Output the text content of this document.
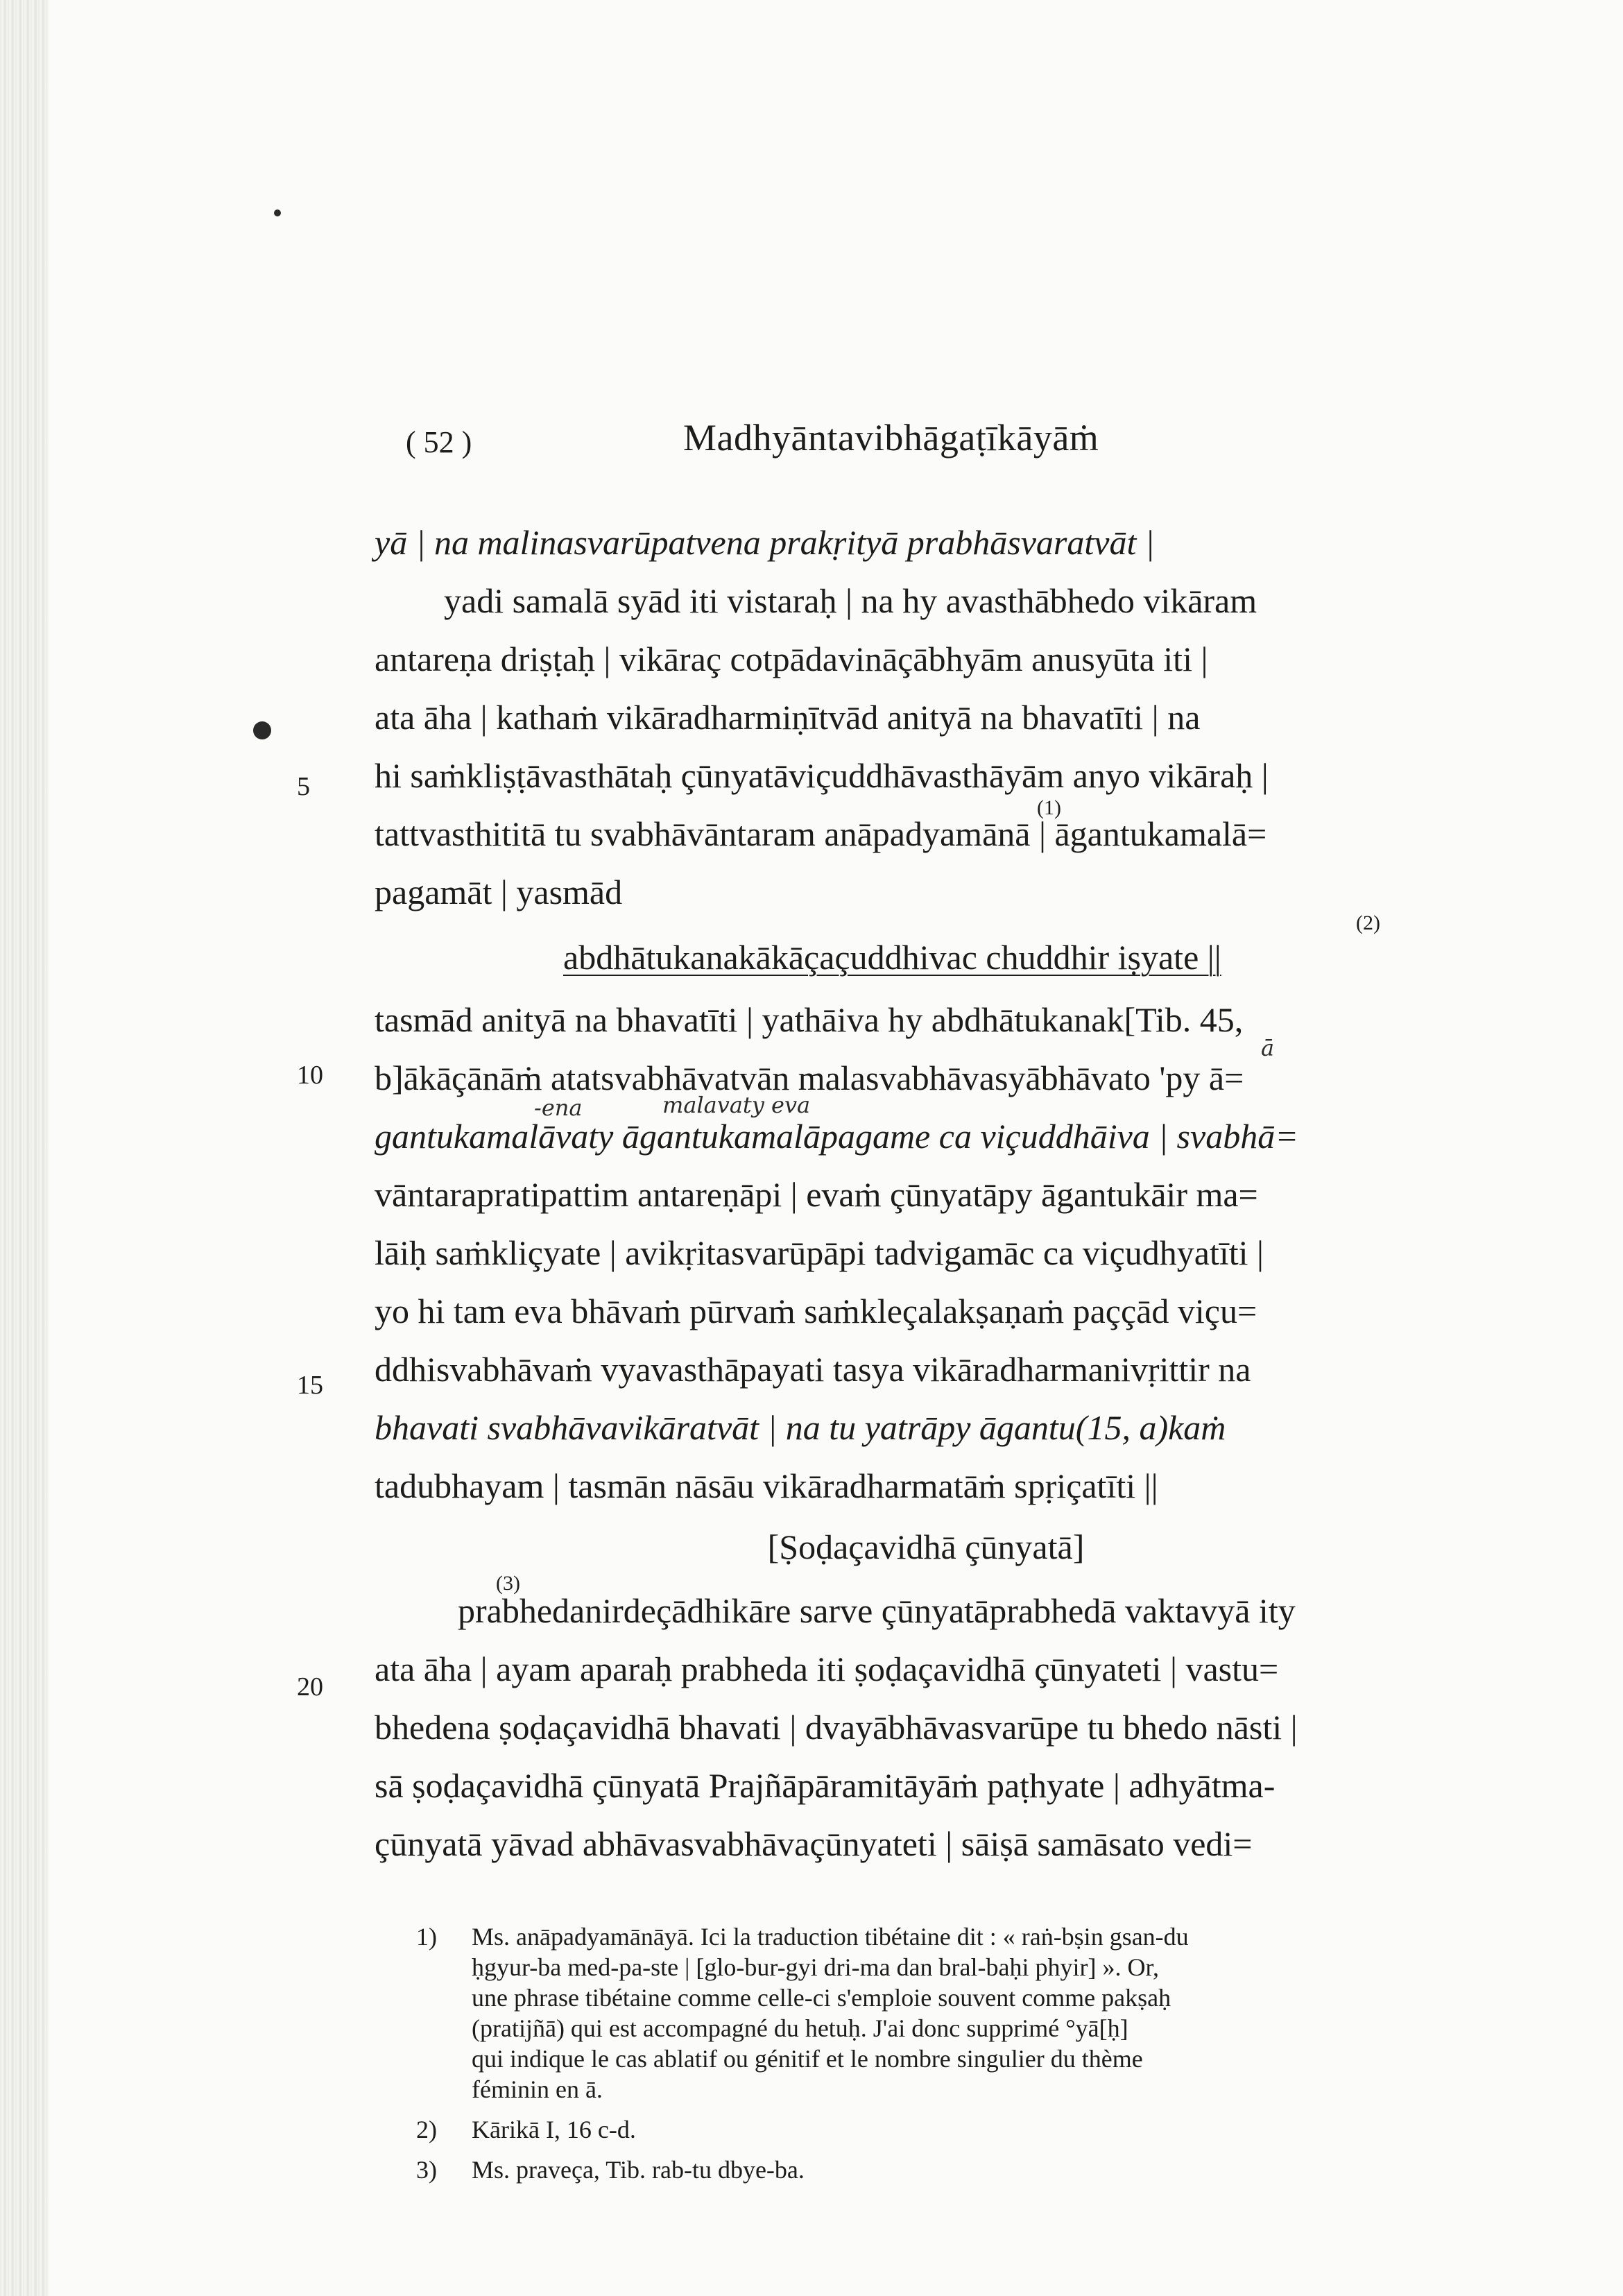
( 52 )	Madhyāntavibhāgaṭīkāyāṁ
5
10
15
20
yā | na malinasvarūpatvena prakṛityā prabhāsvaratvāt |
yadi samalā syād iti vistaraḥ | na hy avasthābhedo vikāram
antareṇa driṣṭaḥ | vikāraç cotpādavināçābhyām anusyūta iti |
ata āha | kathaṁ vikāradharmiṇītvād anityā na bhavatīti | na
hi saṁkliṣṭāvasthātaḥ çūnyatāviçuddhāvasthāyām anyo vikāraḥ |
tattvasthititā tu svabhāvāntaram anāpadyamānā | āgantukamalā=
pagamāt | yasmād
abdhātukanakākāçaçuddhivac chuddhir iṣyate ||
tasmād anityā na bhavatīti | yathāiva hy abdhātukanak[Tib. 45,
b]ākāçānāṁ atatsvabhāvatvān malasvabhāvasyābhāvato 'py ā=
gantukamalāvaty āgantukamalāpagame ca viçuddhāiva | svabhā=
vāntarapratipattim antareṇāpi | evaṁ çūnyatāpy āgantukāir ma=
lāiḥ saṁkliçyate | avikṛitasvarūpāpi tadvigamāc ca viçudhyatīti |
yo hi tam eva bhāvaṁ pūrvaṁ saṁkleçalakṣaṇaṁ paççād viçu=
ddhisvabhāvaṁ vyavasthāpayati tasya vikāradharmanivṛittir na
bhavati svabhāvavikāratvāt | na tu yatrāpy āgantu(15, a)kaṁ
tadubhayam | tasmān nāsāu vikāradharmatāṁ spṛiçatīti ||
[Ṣoḍaçavidhā çūnyatā]
prabhedanirdeçādhikāre sarve çūnyatāprabhedā vaktavyā ity
ata āha | ayam aparaḥ prabheda iti ṣoḍaçavidhā çūnyateti | vastu=
bhedena ṣoḍaçavidhā bhavati | dvayābhāvasvarūpe tu bhedo nāsti |
sā ṣoḍaçavidhā çūnyatā Prajñāpāramitāyāṁ paṭhyate | adhyātma-
çūnyatā yāvad abhāvasvabhāvaçūnyateti | sāiṣā samāsato vedi=
(1)
(2)
(3)
ā
-ena	malavaty eva
1) Ms. anāpadyamānāyā. Ici la traduction tibétaine dit : « raṅ-bṣin gsan-du
ḥgyur-ba med-pa-ste | [glo-bur-gyi dri-ma dan bral-baḥi phyir] ». Or,
une phrase tibétaine comme celle-ci s'emploie souvent comme pakṣaḥ
(pratijñā) qui est accompagné du hetuḥ. J'ai donc supprimé °yā[ḥ]
qui indique le cas ablatif ou génitif et le nombre singulier du thème
féminin en ā.
2) Kārikā I, 16 c-d.
3) Ms. praveça, Tib. rab-tu dbye-ba.
